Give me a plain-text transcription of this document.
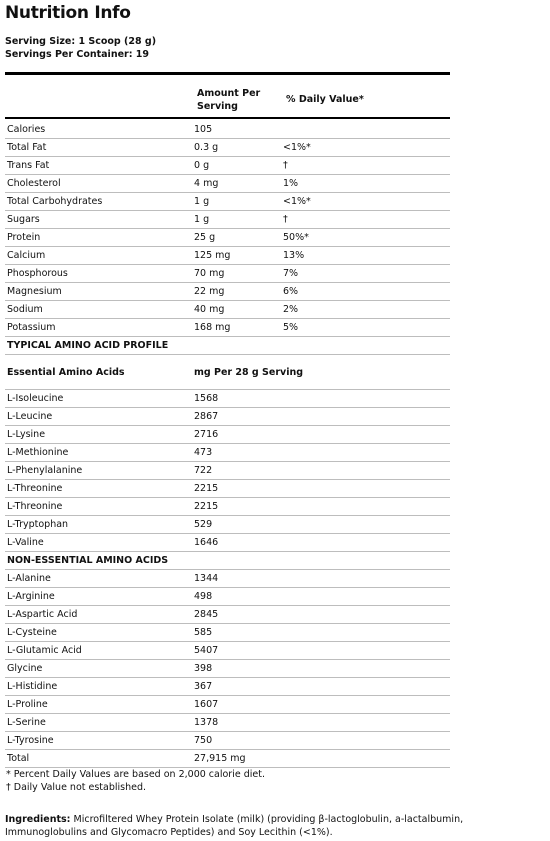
Nutrition Info
Serving Size: 1 Scoop (28 g)
Servings Per Container: 19
Amount Per Serving
% Daily Value*
Calories	105	
Total Fat	0.3 g	<1%*
Trans Fat	0 g	†
Cholesterol	4 mg	1%
Total Carbohydrates	1 g	<1%*
Sugars	1 g	†
Protein	25 g	50%*
Calcium	125 mg	13%
Phosphorous	70 mg	7%
Magnesium	22 mg	6%
Sodium	40 mg	2%
Potassium	168 mg	5%
TYPICAL AMINO ACID PROFILE		
Essential Amino Acids	mg Per 28 g Serving	
L-Isoleucine	1568	
L-Leucine	2867	
L-Lysine	2716	
L-Methionine	473	
L-Phenylalanine	722	
L-Threonine	2215	
L-Threonine	2215	
L-Tryptophan	529	
L-Valine	1646	
NON-ESSENTIAL AMINO ACIDS		
L-Alanine	1344	
L-Arginine	498	
L-Aspartic Acid	2845	
L-Cysteine	585	
L-Glutamic Acid	5407	
Glycine	398	
L-Histidine	367	
L-Proline	1607	
L-Serine	1378	
L-Tyrosine	750	
Total	27,915 mg	
* Percent Daily Values are based on 2,000 calorie diet.
† Daily Value not established.
Ingredients: Microfiltered Whey Protein Isolate (milk) (providing β-lactoglobulin, a-lactalbumin, Immunoglobulins and Glycomacro Peptides) and Soy Lecithin (<1%).
